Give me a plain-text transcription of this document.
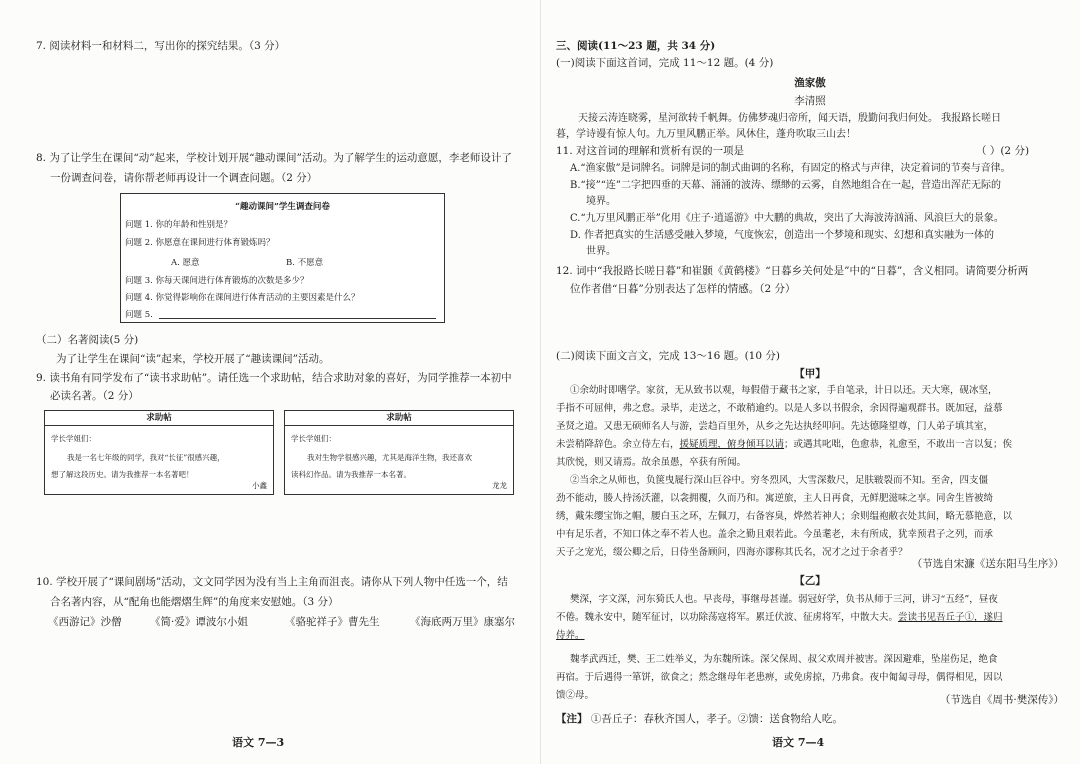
7. 阅读材料一和材料二，写出你的探究结果。（3 分）

8. 为了让学生在课间“动”起来，学校计划开展“趣动课间”活动。为了解学生的运动意愿，李老师设计了

一份调查问卷，请你帮老师再设计一个调查问题。（2 分）

“趣动课间”学生调查问卷
问题 1. 你的年龄和性别是？
问题 2. 你愿意在课间进行体育锻炼吗？
A. 愿意	B. 不愿意
问题 3. 你每天课间进行体育锻炼的次数是多少？
问题 4. 你觉得影响你在课间进行体育活动的主要因素是什么？
问题 5.

（二）名著阅读(5 分)

为了让学生在课间“读”起来，学校开展了“趣读课间”活动。

9. 读书角有同学发布了“读书求助帖”。请任选一个求助帖，结合求助对象的喜好，为同学推荐一本初中

必读名著。（2 分）

求助帖
学长学姐们：
我是一名七年级的同学，我对“长征”很感兴趣，
想了解这段历史。请为我推荐一本名著吧！
小鑫
求助帖
学长学姐们：
我对生物学很感兴趣，尤其是海洋生物，我还喜欢
读科幻作品。请为我推荐一本名著。
龙龙

10. 学校开展了“课间剧场”活动，文文同学因为没有当上主角而沮丧。请你从下列人物中任选一个，结

合名著内容，从“配角也能熠熠生辉”的角度来安慰她。（3 分）

《西游记》沙僧	《简·爱》谭波尔小姐	《骆驼祥子》曹先生	《海底两万里》康塞尔

语文 7—3

三、阅读(11～23 题，共 34 分)

(一)阅读下面这首词，完成 11～12 题。(4 分)

渔家傲

李清照

天接云涛连晓雾，星河欲转千帆舞。仿佛梦魂归帝所，闻天语，殷勤问我归何处。 我报路长嗟日

暮，学诗谩有惊人句。九万里风鹏正举。风休住，蓬舟吹取三山去！

11. 对这首词的理解和赏析有误的一项是	（ ）(2 分)

A.“渔家傲”是词牌名。词牌是词的制式曲调的名称，有固定的格式与声律，决定着词的节奏与音律。

B.“接”“连”二字把四垂的天幕、涌涌的波涛、缥缈的云雾，自然地组合在一起，营造出浑茫无际的

境界。

C.“九万里风鹏正举”化用《庄子·逍遥游》中大鹏的典故，突出了大海波涛汹涌、风浪巨大的景象。

D. 作者把真实的生活感受融入梦境，气度恢宏，创造出一个梦境和现实、幻想和真实融为一体的

世界。

12. 词中“我报路长嗟日暮”和崔颢《黄鹤楼》“日暮乡关何处是”中的“日暮”，含义相同。请简要分析两

位作者借“日暮”分别表达了怎样的情感。（2 分）

(二)阅读下面文言文，完成 13～16 题。(10 分)

【甲】

①余幼时即嗜学。家贫，无从致书以观，每假借于藏书之家，手自笔录，计日以还。天大寒，砚冰坚，

手指不可屈伸，弗之怠。录毕，走送之，不敢稍逾约。以是人多以书假余，余因得遍观群书。既加冠，益慕

圣贤之道。又患无硕师名人与游，尝趋百里外，从乡之先达执经叩问。先达德隆望尊，门人弟子填其室，

未尝稍降辞色。余立侍左右，援疑质理，俯身倾耳以请；或遇其叱咄，色愈恭，礼愈至，不敢出一言以复；俟

其欣悦，则又请焉。故余虽愚，卒获有所闻。

②当余之从师也，负箧曳屣行深山巨谷中。穷冬烈风，大雪深数尺，足肤皲裂而不知。至舍，四支僵

劲不能动，媵人持汤沃灌，以衾拥覆，久而乃和。寓逆旅，主人日再食，无鲜肥滋味之享。同舍生皆被绮

绣，戴朱缨宝饰之帽，腰白玉之环，左佩刀，右备容臭，烨然若神人；余则缊袍敝衣处其间，略无慕艳意，以

中有足乐者，不知口体之奉不若人也。盖余之勤且艰若此。今虽耄老，未有所成，犹幸预君子之列，而承

天子之宠光，缀公卿之后，日侍坐备顾问，四海亦谬称其氏名，况才之过于余者乎？

（节选自宋濂《送东阳马生序》）

【乙】

樊深，字文深，河东猗氏人也。早丧母，事继母甚谨。弱冠好学，负书从师于三河，讲习“五经”，昼夜

不倦。魏永安中，随军征讨，以功除荡寇将军。累迁伏波、征虏将军，中散大夫。尝读书见吾丘子①，遂归

侍养。

魏孝武西迁，樊、王二姓举义，为东魏所诛。深父保周、叔父欢周并被害。深因避难，坠崖伤足，绝食

再宿。于后遇得一箪饼，欲食之；然念继母年老患痹，或免虏掠，乃弗食。夜中匍匐寻母，偶得相见，因以

馈②母。	（节选自《周书·樊深传》）

【注】 ①吾丘子：春秋齐国人，孝子。②馈：送食物给人吃。

语文 7—4
